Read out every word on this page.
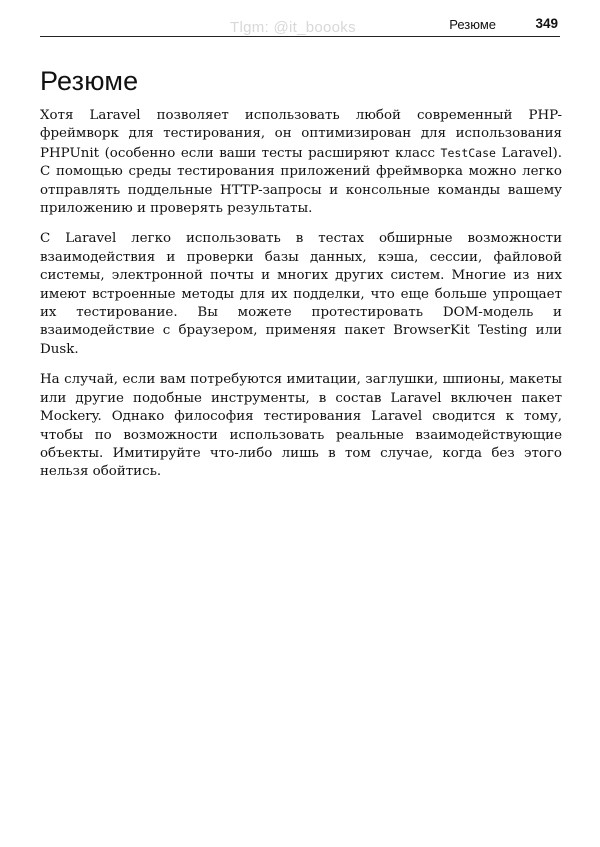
Tlgm: @it_boooks	Резюме	349
Резюме

Хотя Laravel позволяет использовать любой современный PHP-фреймворк для тестирования, он оптимизирован для использования PHPUnit (особенно если ваши тесты расширяют класс TestCase Laravel). С помощью среды тестирования приложений фреймворка можно легко отправлять поддельные HTTP-запросы и консольные команды вашему приложению и проверять результаты.

С Laravel легко использовать в тестах обширные возможности взаимодействия и проверки базы данных, кэша, сессии, файловой системы, электронной почты и многих других систем. Многие из них имеют встроенные методы для их подделки, что еще больше упрощает их тестирование. Вы можете протестировать DOM-модель и взаимодействие с браузером, применяя пакет BrowserKit Testing или Dusk.

На случай, если вам потребуются имитации, заглушки, шпионы, макеты или другие подобные инструменты, в состав Laravel включен пакет Mockery. Однако философия тестирования Laravel сводится к тому, чтобы по возможности использовать реальные взаимодействующие объекты. Имитируйте что-либо лишь в том случае, когда без этого нельзя обойтись.
